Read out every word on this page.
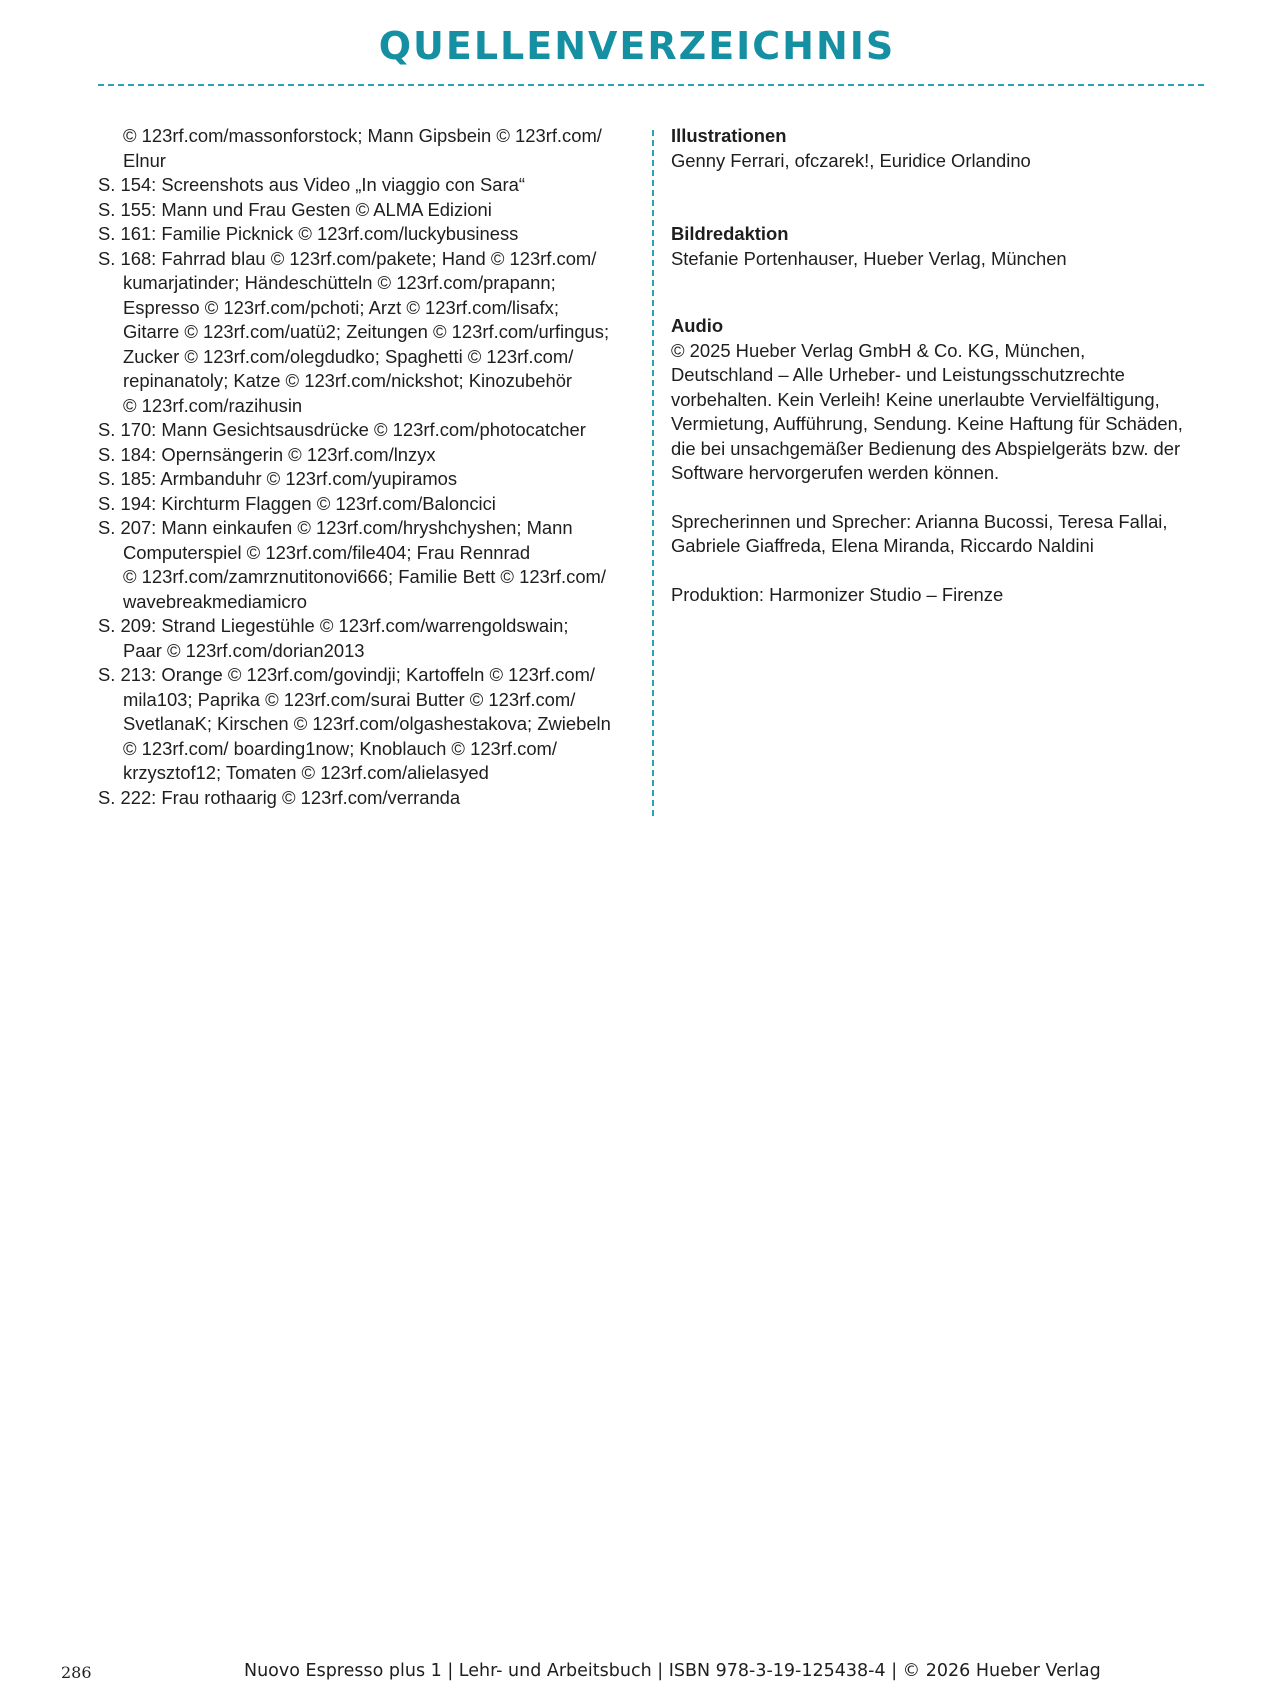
QUELLENVERZEICHNIS

© 123rf.com/massonforstock; Mann Gipsbein © 123rf.com/

Elnur

S. 154: Screenshots aus Video „In viaggio con Sara“

S. 155: Mann und Frau Gesten © ALMA Edizioni

S. 161: Familie Picknick © 123rf.com/luckybusiness

S. 168: Fahrrad blau © 123rf.com/pakete; Hand © 123rf.com/

kumarjatinder; Händeschütteln © 123rf.com/prapann;

Espresso © 123rf.com/pchoti; Arzt © 123rf.com/lisafx;

Gitarre © 123rf.com/uatü2; Zeitungen © 123rf.com/urfingus;

Zucker © 123rf.com/olegdudko; Spaghetti © 123rf.com/

repinanatoly; Katze © 123rf.com/nickshot; Kinozubehör

© 123rf.com/razihusin

S. 170: Mann Gesichtsausdrücke © 123rf.com/photocatcher

S. 184: Opernsängerin © 123rf.com/lnzyx

S. 185: Armbanduhr © 123rf.com/yupiramos

S. 194: Kirchturm Flaggen © 123rf.com/Baloncici

S. 207: Mann einkaufen © 123rf.com/hryshchyshen; Mann

Computerspiel © 123rf.com/file404; Frau Rennrad

© 123rf.com/zamrznutitonovi666; Familie Bett © 123rf.com/

wavebreakmediamicro

S. 209: Strand Liegestühle © 123rf.com/warrengoldswain;

Paar © 123rf.com/dorian2013

S. 213: Orange © 123rf.com/govindji; Kartoffeln © 123rf.com/

mila103; Paprika © 123rf.com/surai Butter © 123rf.com/

SvetlanaK; Kirschen © 123rf.com/olgashestakova; Zwiebeln

© 123rf.com/ boarding1now; Knoblauch © 123rf.com/

krzysztof12; Tomaten © 123rf.com/alielasyed

S. 222: Frau rothaarig © 123rf.com/verranda

Illustrationen

Genny Ferrari, ofczarek!, Euridice Orlandino

Bildredaktion

Stefanie Portenhauser, Hueber Verlag, München

Audio

© 2025 Hueber Verlag GmbH & Co. KG, München,

Deutschland – Alle Urheber- und Leistungsschutzrechte

vorbehalten. Kein Verleih! Keine unerlaubte Vervielfältigung,

Vermietung, Aufführung, Sendung. Keine Haftung für Schäden,

die bei unsachgemäßer Bedienung des Abspielgeräts bzw. der

Software hervorgerufen werden können.

Sprecherinnen und Sprecher: Arianna Bucossi, Teresa Fallai,

Gabriele Giaffreda, Elena Miranda, Riccardo Naldini

Produktion: Harmonizer Studio – Firenze

286	Nuovo Espresso plus 1 | Lehr- und Arbeitsbuch | ISBN 978-3-19-125438-4 | © 2026 Hueber Verlag
